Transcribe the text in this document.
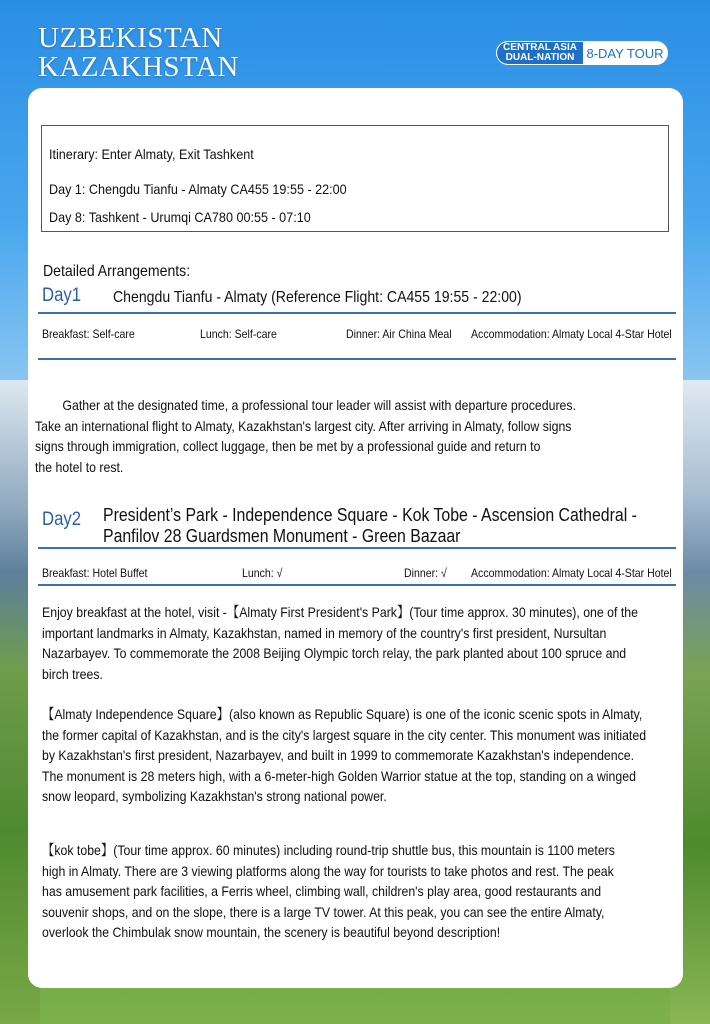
UZBEKISTAN
KAZAKHSTAN
CENTRAL ASIA
DUAL-NATION 8-DAY TOUR
Itinerary: Enter Almaty, Exit Tashkent
Day 1: Chengdu Tianfu - Almaty CA455 19:55 - 22:00
Day 8: Tashkent - Urumqi CA780 00:55 - 07:10
Detailed Arrangements:
Day1 Chengdu Tianfu - Almaty (Reference Flight: CA455 19:55 - 22:00)
Breakfast: Self-care	Lunch: Self-care	Dinner: Air China Meal Accommodation: Almaty Local 4-Star Hotel
Gather at the designated time, a professional tour leader will assist with departure procedures.
Take an international flight to Almaty, Kazakhstan's largest city. After arriving in Almaty, follow signs
signs through immigration, collect luggage, then be met by a professional guide and return to
the hotel to rest.
Day2 President’s Park - Independence Square - Kok Tobe - Ascension Cathedral -
Panfilov 28 Guardsmen Monument - Green Bazaar
Breakfast: Hotel Buffet	Lunch: √	Dinner: √ Accommodation: Almaty Local 4-Star Hotel
Enjoy breakfast at the hotel, visit -【Almaty First President's Park】(Tour time approx. 30 minutes), one of the
important landmarks in Almaty, Kazakhstan, named in memory of the country's first president, Nursultan
Nazarbayev. To commemorate the 2008 Beijing Olympic torch relay, the park planted about 100 spruce and
birch trees.
【Almaty Independence Square】(also known as Republic Square) is one of the iconic scenic spots in Almaty,
the former capital of Kazakhstan, and is the city's largest square in the city center. This monument was initiated
by Kazakhstan's first president, Nazarbayev, and built in 1999 to commemorate Kazakhstan's independence.
The monument is 28 meters high, with a 6-meter-high Golden Warrior statue at the top, standing on a winged
snow leopard, symbolizing Kazakhstan's strong national power.
【kok tobe】(Tour time approx. 60 minutes) including round-trip shuttle bus, this mountain is 1100 meters
high in Almaty. There are 3 viewing platforms along the way for tourists to take photos and rest. The peak
has amusement park facilities, a Ferris wheel, climbing wall, children's play area, good restaurants and
souvenir shops, and on the slope, there is a large TV tower. At this peak, you can see the entire Almaty,
overlook the Chimbulak snow mountain, the scenery is beautiful beyond description!
